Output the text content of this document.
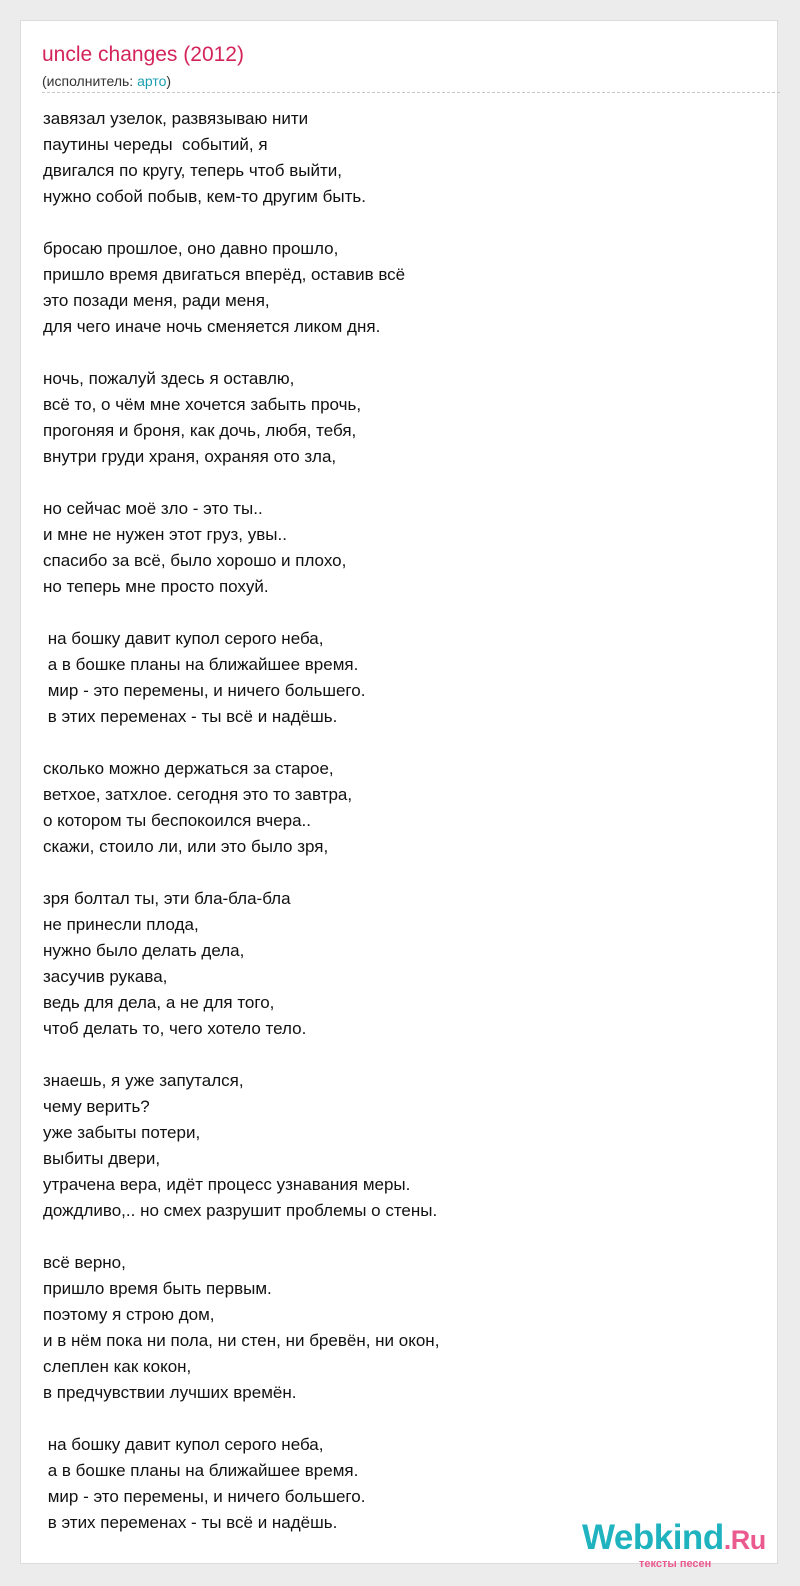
uncle changes (2012)
(исполнитель: арто)
завязал узелок, развязываю нити
паутины череды  событий, я
двигался по кругу, теперь чтоб выйти,
нужно собой побыв, кем-то другим быть.
бросаю прошлое, оно давно прошло,
пришло время двигаться вперёд, оставив всё
это позади меня, ради меня,
для чего иначе ночь сменяется ликом дня.
ночь, пожалуй здесь я оставлю,
всё то, о чём мне хочется забыть прочь,
прогоняя и броня, как дочь, любя, тебя,
внутри груди храня, охраняя ото зла,
но сейчас моё зло - это ты..
и мне не нужен этот груз, увы..
спасибо за всё, было хорошо и плохо,
но теперь мне просто похуй.
на бошку давит купол серого неба,
а в бошке планы на ближайшее время.
мир - это перемены, и ничего большего.
в этих переменах - ты всё и надёшь.
сколько можно держаться за старое,
ветхое, затхлое. сегодня это то завтра,
о котором ты беспокоился вчера..
скажи, стоило ли, или это было зря,
зря болтал ты, эти бла-бла-бла
не принесли плода,
нужно было делать дела,
засучив рукава,
ведь для дела, а не для того,
чтоб делать то, чего хотело тело.
знаешь, я уже запутался,
чему верить?
уже забыты потери,
выбиты двери,
утрачена вера, идёт процесс узнавания меры.
дождливо,.. но смех разрушит проблемы о стены.
всё верно,
пришло время быть первым.
поэтому я строю дом,
и в нём пока ни пола, ни стен, ни бревён, ни окон,
слеплен как кокон,
в предчувствии лучших времён.
на бошку давит купол серого неба,
а в бошке планы на ближайшее время.
мир - это перемены, и ничего большего.
в этих переменах - ты всё и надёшь.	Webkind.Ru
тексты песен
